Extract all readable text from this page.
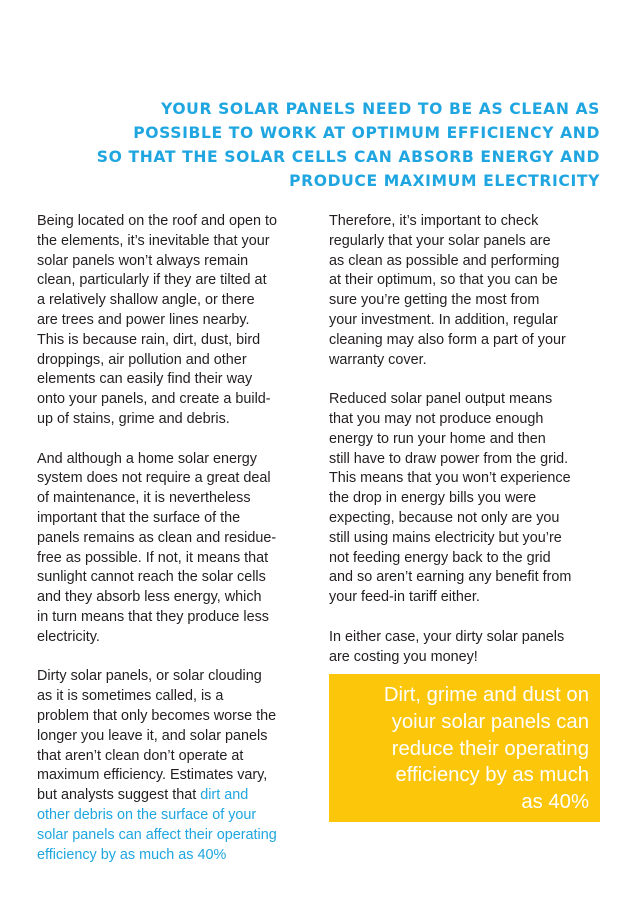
YOUR SOLAR PANELS NEED TO BE AS CLEAN AS
POSSIBLE TO WORK AT OPTIMUM EFFICIENCY AND
SO THAT THE SOLAR CELLS CAN ABSORB ENERGY AND
PRODUCE MAXIMUM ELECTRICITY

Being located on the roof and open to
the elements, it’s inevitable that your
solar panels won’t always remain
clean, particularly if they are tilted at
a relatively shallow angle, or there
are trees and power lines nearby.
This is because rain, dirt, dust, bird
droppings, air pollution and other
elements can easily find their way
onto your panels, and create a build-
up of stains, grime and debris.

And although a home solar energy
system does not require a great deal
of maintenance, it is nevertheless
important that the surface of the
panels remains as clean and residue-
free as possible. If not, it means that
sunlight cannot reach the solar cells
and they absorb less energy, which
in turn means that they produce less
electricity.

Dirty solar panels, or solar clouding
as it is sometimes called, is a
problem that only becomes worse the
longer you leave it, and solar panels
that aren’t clean don’t operate at
maximum efficiency. Estimates vary,
but analysts suggest that dirt and
other debris on the surface of your
solar panels can affect their operating
efficiency by as much as 40%

Therefore, it’s important to check
regularly that your solar panels are
as clean as possible and performing
at their optimum, so that you can be
sure you’re getting the most from
your investment. In addition, regular
cleaning may also form a part of your
warranty cover.

Reduced solar panel output means
that you may not produce enough
energy to run your home and then
still have to draw power from the grid.
This means that you won’t experience
the drop in energy bills you were
expecting, because not only are you
still using mains electricity but you’re
not feeding energy back to the grid
and so aren’t earning any benefit from
your feed-in tariff either.

In either case, your dirty solar panels
are costing you money!

Dirt, grime and dust on
yoiur solar panels can
reduce their operating
efficiency by as much
as 40%
